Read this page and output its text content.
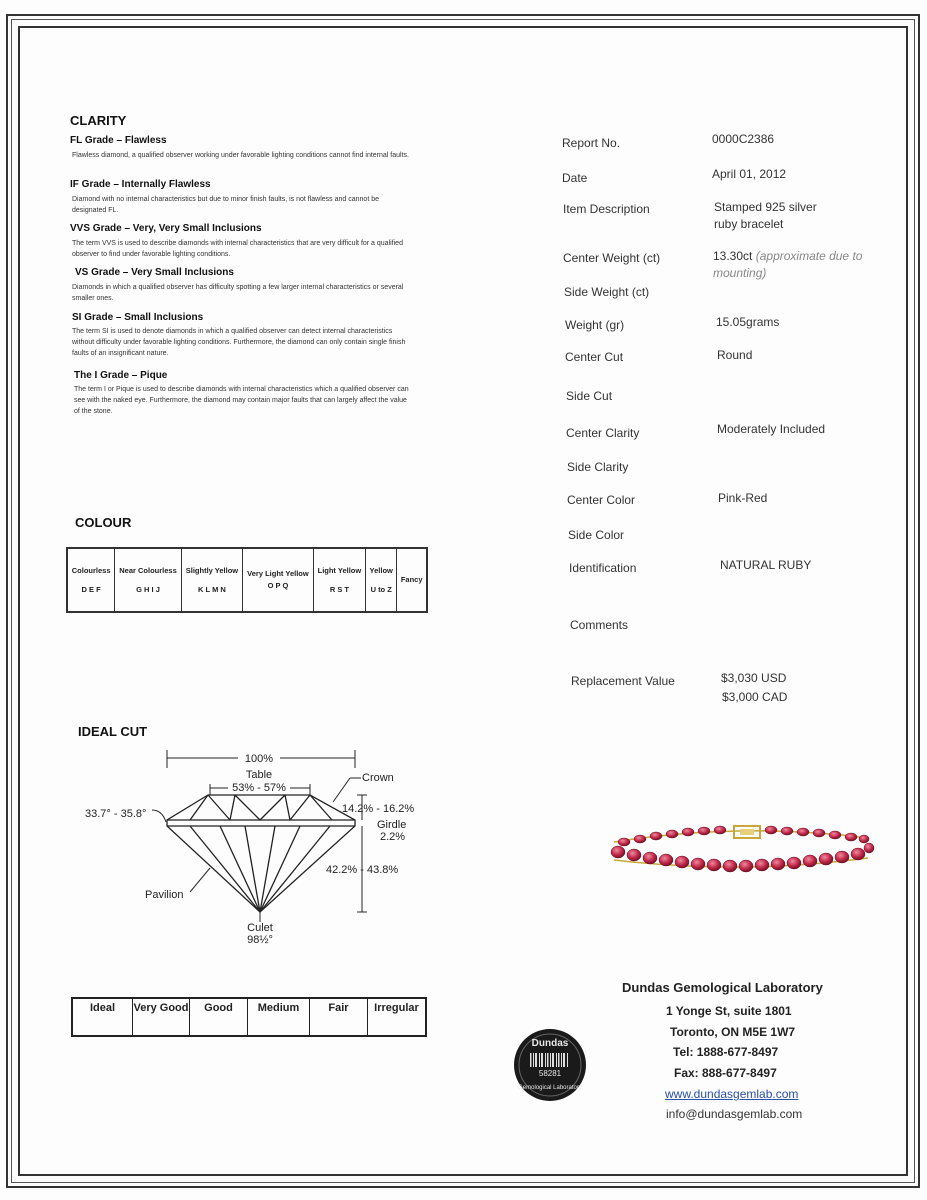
CLARITY
FL Grade – Flawless
Flawless diamond, a qualified observer working under favorable lighting conditions cannot find internal faults.
IF Grade – Internally Flawless
Diamond with no internal characteristics but due to minor finish faults, is not flawless and cannot be designated FL.
VVS Grade – Very, Very Small Inclusions
The term VVS is used to describe diamonds with internal characteristics that are very difficult for a qualified observer to find under favorable lighting conditions.
VS Grade – Very Small Inclusions
Diamonds in which a qualified observer has difficulty spotting a few larger internal characteristics or several smaller ones.
SI Grade – Small Inclusions
The term SI is used to denote diamonds in which a qualified observer can detect internal characteristics without difficulty under favorable lighting conditions. Furthermore, the diamond can only contain single finish faults of an insignificant nature.
The I Grade – Pique
The term I or Pique is used to describe diamonds with internal characteristics which a qualified observer can see with the naked eye. Furthermore, the diamond may contain major faults that can largely affect the value of the stone.
COLOUR
Colourless
D E F

Near Colourless
G H I J

Slightly Yellow
K L M N

Very Light Yellow
O P Q

Light Yellow
R S T

Yellow
U to Z

Fancy
IDEAL CUT
100%
Table
53% - 57%
Crown
33.7° - 35.8°	14.2% - 16.2%
Girdle
2.2%
42.2% - 43.8%
Pavilion
Culet
98½°
Ideal	Very Good	Good	Medium	Fair	Irregular
Report No.	0000C2386
Date	April 01, 2012
Item Description	Stamped 925 silver ruby bracelet
Center Weight (ct)	13.30ct (approximate due to mounting)
Side Weight (ct)
Weight (gr)	15.05grams
Center Cut	Round
Side Cut
Center Clarity	Moderately Included
Side Clarity
Center Color	Pink-Red
Side Color
Identification	NATURAL RUBY
Comments
Replacement Value	$3,030 USD
$3,000 CAD
Dundas Gemological Laboratory
1 Yonge St, suite 1801
Toronto, ON M5E 1W7
Tel: 1888-677-8497
Fax: 888-677-8497
www.dundasgemlab.com
info@dundasgemlab.com
Dundas
58281
Gemological Laboratory
